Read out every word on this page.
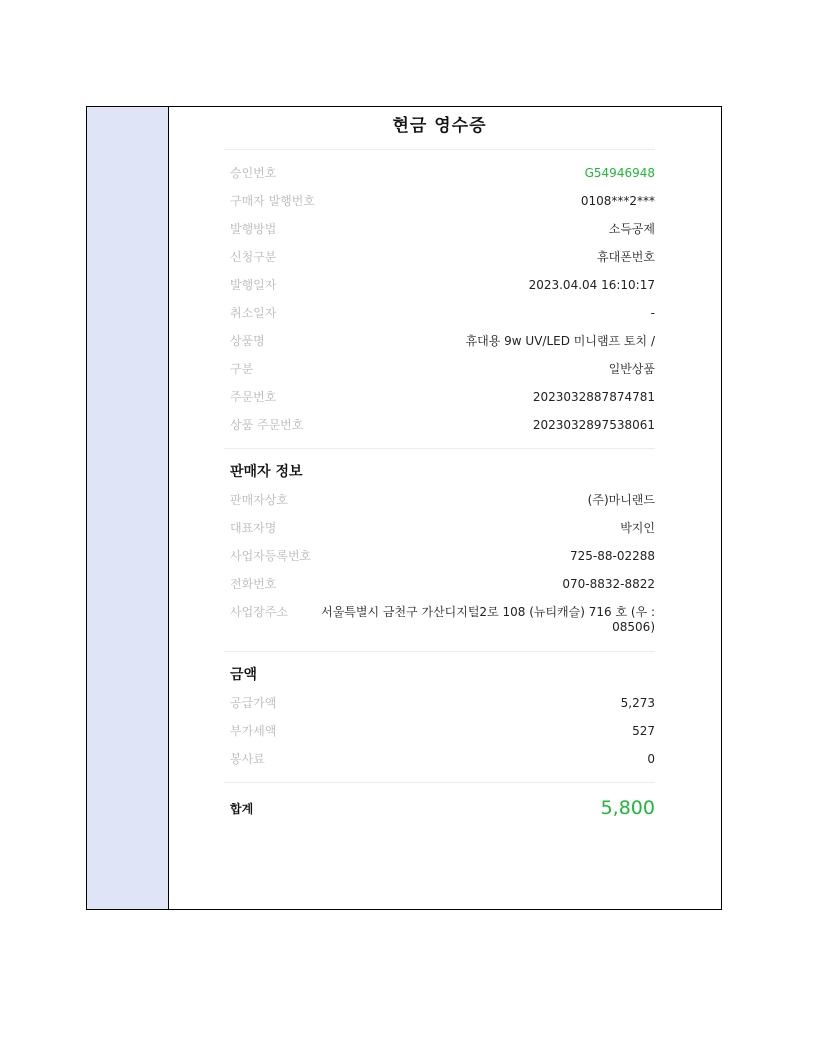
현금 영수증
승인번호	G54946948
구매자 발행번호	0108***2***
발행방법	소득공제
신청구분	휴대폰번호
발행일자	2023.04.04 16:10:17
취소일자	-
상품명	휴대용 9w UV/LED 미니램프 토치 /
구분	일반상품
주문번호	2023032887874781
상품 주문번호	2023032897538061
판매자 정보
판매자상호	(주)마니랜드
대표자명	박지인
사업자등록번호	725-88-02288
전화번호	070-8832-8822
사업장주소	서울특별시 금천구 가산디지털2로 108 (뉴티캐슬) 716 호 (우 : 08506)
금액
공급가액	5,273
부가세액	527
봉사료	0
합계	5,800
